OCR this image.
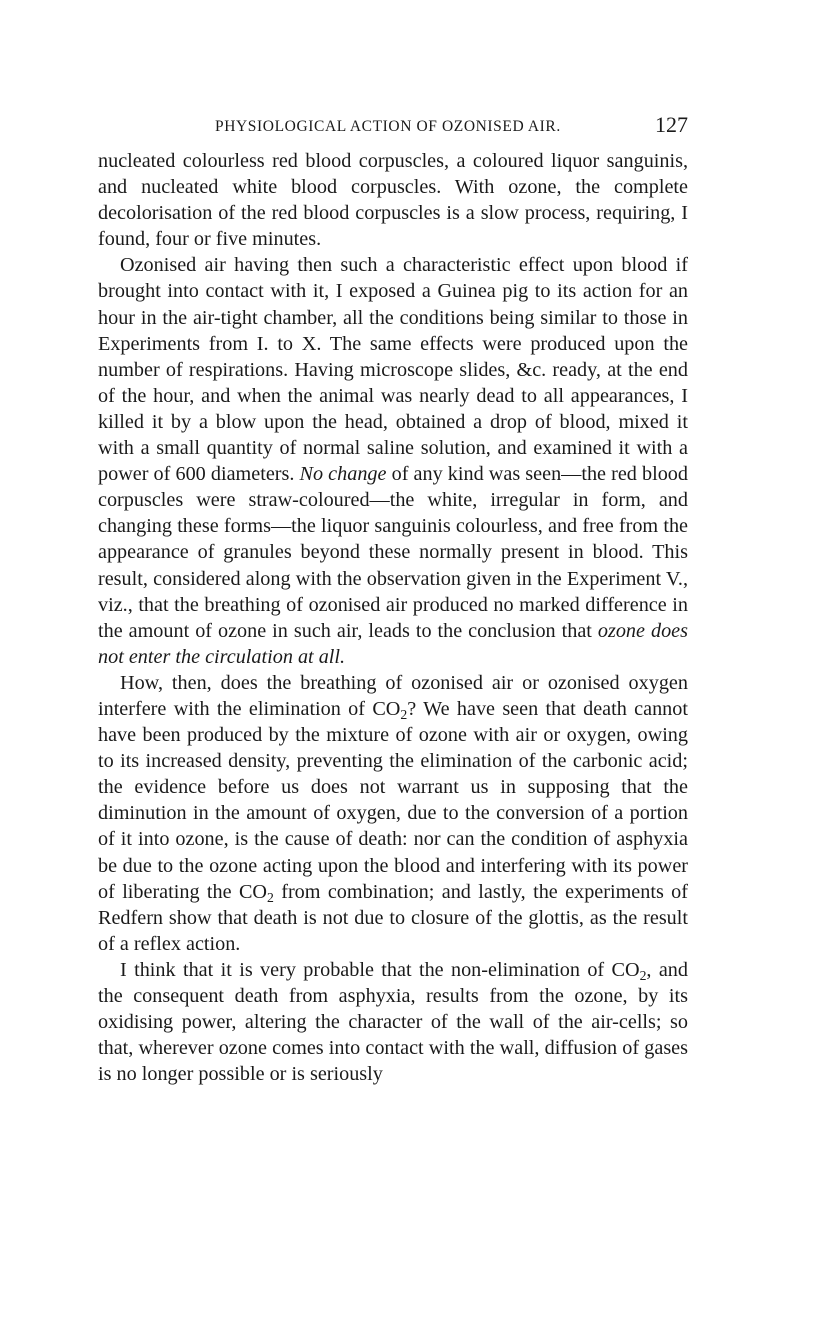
PHYSIOLOGICAL ACTION OF OZONISED AIR.	127

nucleated colourless red blood corpuscles, a coloured liquor sanguinis, and nucleated white blood corpuscles. With ozone, the complete decolorisation of the red blood corpuscles is a slow process, requiring, I found, four or five minutes.

Ozonised air having then such a characteristic effect upon blood if brought into contact with it, I exposed a Guinea pig to its action for an hour in the air-tight chamber, all the conditions being similar to those in Experiments from I. to X. The same effects were produced upon the number of respirations. Having microscope slides, &c. ready, at the end of the hour, and when the animal was nearly dead to all appearances, I killed it by a blow upon the head, obtained a drop of blood, mixed it with a small quantity of normal saline solution, and examined it with a power of 600 diameters. No change of any kind was seen—the red blood corpuscles were straw-coloured—the white, irregular in form, and changing these forms—the liquor sanguinis colourless, and free from the appearance of granules beyond these normally present in blood. This result, considered along with the observation given in the Experiment V., viz., that the breathing of ozonised air produced no marked difference in the amount of ozone in such air, leads to the conclusion that ozone does not enter the circulation at all.

How, then, does the breathing of ozonised air or ozonised oxygen interfere with the elimination of $CO_2$? We have seen that death cannot have been produced by the mixture of ozone with air or oxygen, owing to its increased density, preventing the elimination of the carbonic acid; the evidence before us does not warrant us in supposing that the diminution in the amount of oxygen, due to the conversion of a portion of it into ozone, is the cause of death: nor can the condition of asphyxia be due to the ozone acting upon the blood and interfering with its power of liberating the $CO_2$ from combination; and lastly, the experiments of Redfern show that death is not due to closure of the glottis, as the result of a reflex action.

I think that it is very probable that the non-elimination of $CO_2$, and the consequent death from asphyxia, results from the ozone, by its oxidising power, altering the character of the wall of the air-cells; so that, wherever ozone comes into contact with the wall, diffusion of gases is no longer possible or is seriously
